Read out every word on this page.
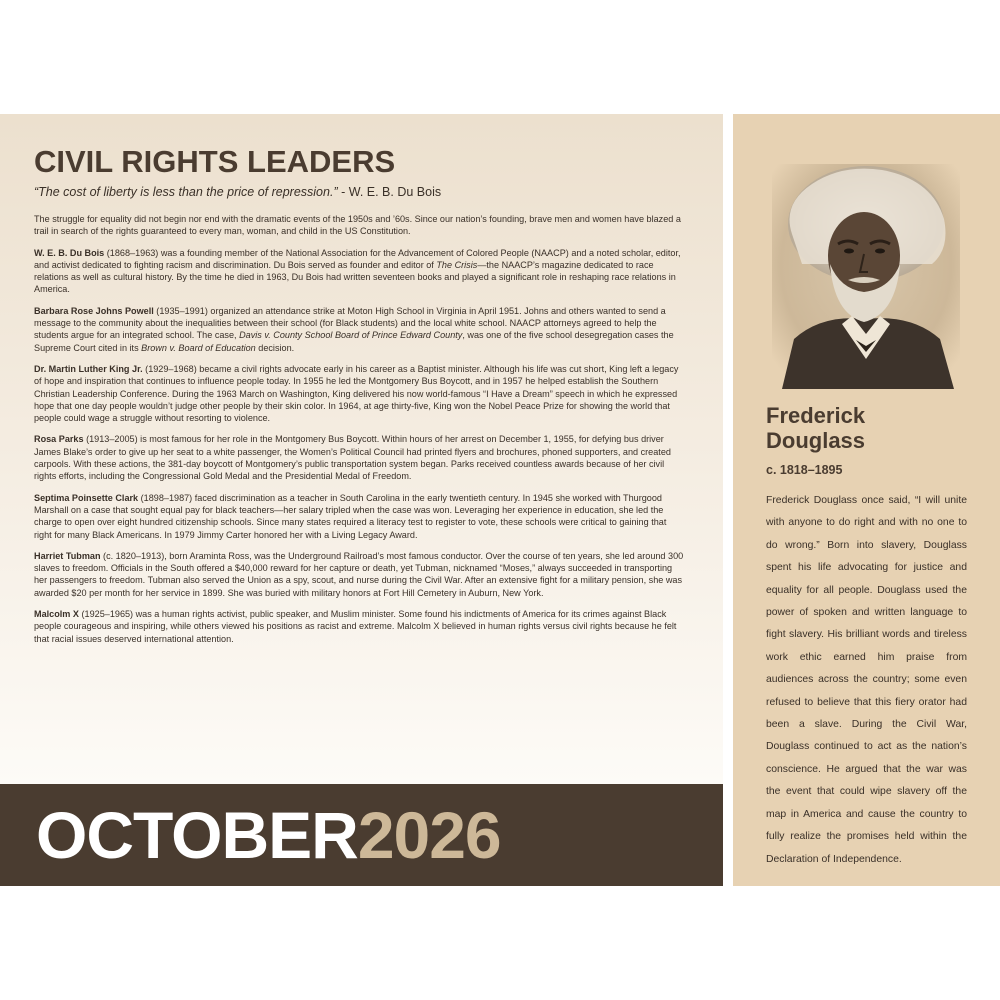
CIVIL RIGHTS LEADERS

“The cost of liberty is less than the price of repression.” - W. E. B. Du Bois

The struggle for equality did not begin nor end with the dramatic events of the 1950s and ’60s. Since our nation’s founding, brave men and women have blazed a trail in search of the rights guaranteed to every man, woman, and child in the US Constitution.

W. E. B. Du Bois (1868–1963) was a founding member of the National Association for the Advancement of Colored People (NAACP) and a noted scholar, editor, and activist dedicated to fighting racism and discrimination. Du Bois served as founder and editor of The Crisis—the NAACP’s magazine dedicated to race relations as well as cultural history. By the time he died in 1963, Du Bois had written seventeen books and played a significant role in reshaping race relations in America.

Barbara Rose Johns Powell (1935–1991) organized an attendance strike at Moton High School in Virginia in April 1951. Johns and others wanted to send a message to the community about the inequalities between their school (for Black students) and the local white school. NAACP attorneys agreed to help the students argue for an integrated school. The case, Davis v. County School Board of Prince Edward County, was one of the five school desegregation cases the Supreme Court cited in its Brown v. Board of Education decision.

Dr. Martin Luther King Jr. (1929–1968) became a civil rights advocate early in his career as a Baptist minister. Although his life was cut short, King left a legacy of hope and inspiration that continues to influence people today. In 1955 he led the Montgomery Bus Boycott, and in 1957 he helped establish the Southern Christian Leadership Conference. During the 1963 March on Washington, King delivered his now world-famous “I Have a Dream” speech in which he expressed hope that one day people wouldn’t judge other people by their skin color. In 1964, at age thirty-five, King won the Nobel Peace Prize for showing the world that people could wage a struggle without resorting to violence.

Rosa Parks (1913–2005) is most famous for her role in the Montgomery Bus Boycott. Within hours of her arrest on December 1, 1955, for defying bus driver James Blake’s order to give up her seat to a white passenger, the Women’s Political Council had printed flyers and brochures, phoned supporters, and created carpools. With these actions, the 381-day boycott of Montgomery’s public transportation system began. Parks received countless awards because of her civil rights efforts, including the Congressional Gold Medal and the Presidential Medal of Freedom.

Septima Poinsette Clark (1898–1987) faced discrimination as a teacher in South Carolina in the early twentieth century. In 1945 she worked with Thurgood Marshall on a case that sought equal pay for black teachers—her salary tripled when the case was won. Leveraging her experience in education, she led the charge to open over eight hundred citizenship schools. Since many states required a literacy test to register to vote, these schools were critical to gaining that right for many Black Americans. In 1979 Jimmy Carter honored her with a Living Legacy Award.

Harriet Tubman (c. 1820–1913), born Araminta Ross, was the Underground Railroad’s most famous conductor. Over the course of ten years, she led around 300 slaves to freedom. Officials in the South offered a $40,000 reward for her capture or death, yet Tubman, nicknamed “Moses,” always succeeded in transporting her passengers to freedom. Tubman also served the Union as a spy, scout, and nurse during the Civil War. After an extensive fight for a military pension, she was awarded $20 per month for her service in 1899. She was buried with military honors at Fort Hill Cemetery in Auburn, New York.

Malcolm X (1925–1965) was a human rights activist, public speaker, and Muslim minister. Some found his indictments of America for its crimes against Black people courageous and inspiring, while others viewed his positions as racist and extreme. Malcolm X believed in human rights versus civil rights because he felt that racial issues deserved international attention.

OCTOBER2026

Frederick
Douglass

c. 1818–1895

Frederick Douglass once said, “I will unite with anyone to do right and with no one to do wrong.” Born into slavery, Douglass spent his life advocating for justice and equality for all people. Douglass used the power of spoken and written language to fight slavery. His brilliant words and tireless work ethic earned him praise from audiences across the country; some even refused to believe that this fiery orator had been a slave. During the Civil War, Douglass continued to act as the nation’s conscience. He argued that the war was the event that could wipe slavery off the map in America and cause the country to fully realize the promises held within the Declaration of Independence.
